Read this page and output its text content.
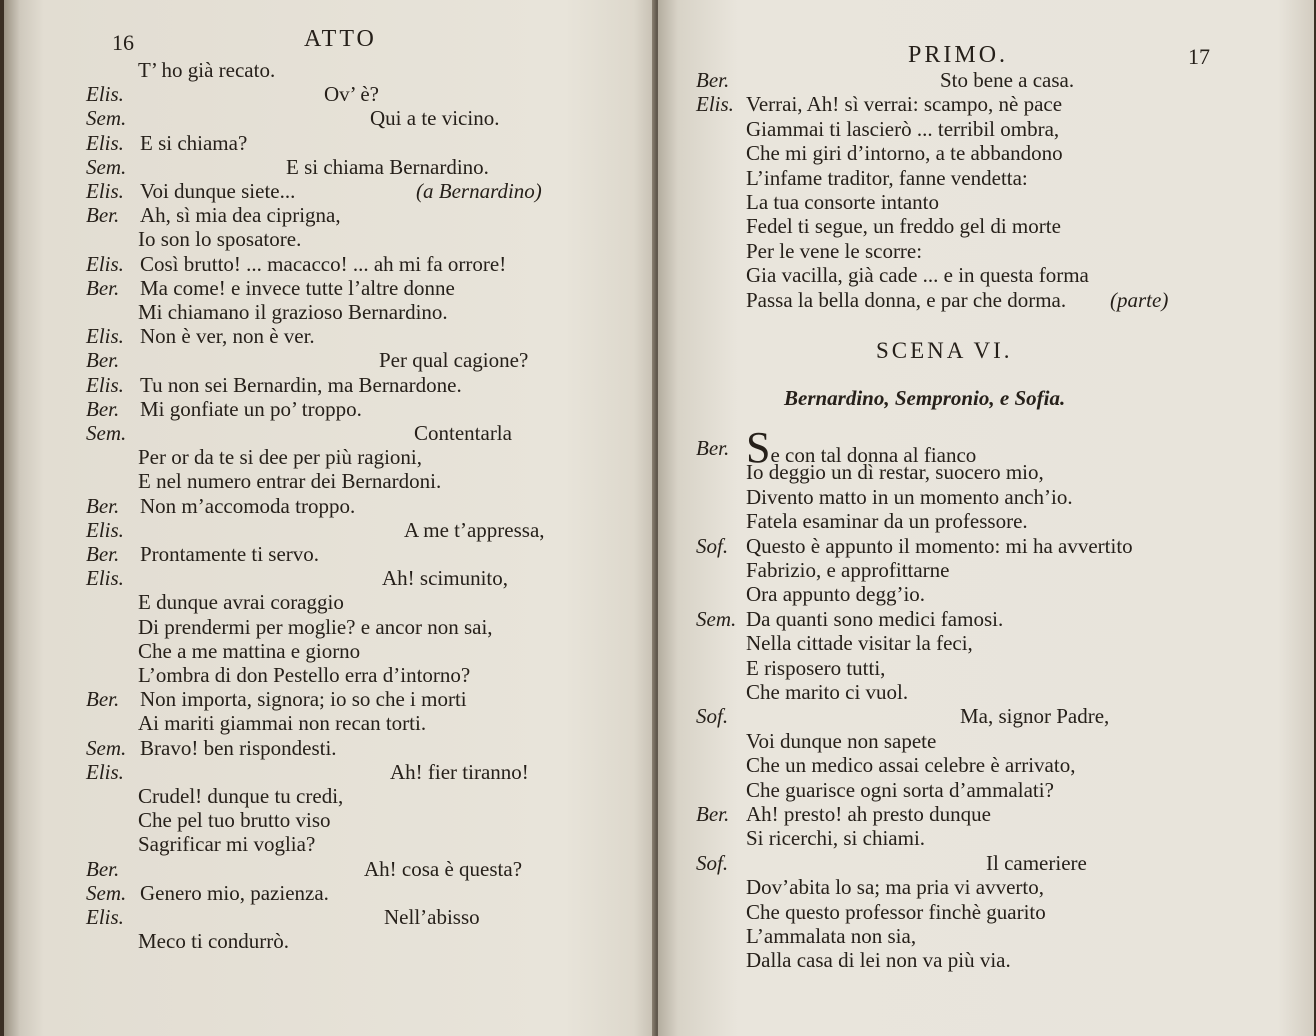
16	ATTO
T’ ho già recato.
Elis.	Ov’ è?
Sem.	Qui a te vicino.
Elis. E si chiama?
Sem.	E si chiama Bernardino.
Elis. Voi dunque siete...	(a Bernardino)
Ber. Ah, sì mia dea ciprigna,
Io son lo sposatore.
Elis. Così brutto! ... macacco! ... ah mi fa orrore!
Ber. Ma come! e invece tutte l’altre donne
Mi chiamano il grazioso Bernardino.
Elis. Non è ver, non è ver.
Ber.	Per qual cagione?
Elis. Tu non sei Bernardin, ma Bernardone.
Ber. Mi gonfiate un po’ troppo.
Sem.	Contentarla
Per or da te si dee per più ragioni,
E nel numero entrar dei Bernardoni.
Ber. Non m’accomoda troppo.
Elis.	A me t’appressa,
Ber. Prontamente ti servo.
Elis.	Ah! scimunito,
E dunque avrai coraggio
Di prendermi per moglie? e ancor non sai,
Che a me mattina e giorno
L’ombra di don Pestello erra d’intorno?
Ber. Non importa, signora; io so che i morti
Ai mariti giammai non recan torti.
Sem. Bravo! ben rispondesti.
Elis.	Ah! fier tiranno!
Crudel! dunque tu credi,
Che pel tuo brutto viso
Sagrificar mi voglia?
Ber.	Ah! cosa è questa?
Sem. Genero mio, pazienza.
Elis.	Nell’abisso
Meco ti condurrò.
PRIMO.	17
Ber.	Sto bene a casa.
Elis. Verrai, Ah! sì verrai: scampo, nè pace
Giammai ti lascierò ... terribil ombra,
Che mi giri d’intorno, a te abbandono
L’infame traditor, fanne vendetta:
La tua consorte intanto
Fedel ti segue, un freddo gel di morte
Per le vene le scorre:
Gia vacilla, già cade ... e in questa forma
Passa la bella donna, e par che dorma. (parte)
SCENA VI.
Bernardino, Sempronio, e Sofia.
Ber. Se con tal donna al fianco
Io deggio un dì restar, suocero mio,
Divento matto in un momento anch’io.
Fatela esaminar da un professore.
Sof. Questo è appunto il momento: mi ha avvertito
Fabrizio, e approfittarne
Ora appunto degg’io.
Sem. Da quanti sono medici famosi.
Nella cittade visitar la feci,
E risposero tutti,
Che marito ci vuol.
Sof.	Ma, signor Padre,
Voi dunque non sapete
Che un medico assai celebre è arrivato,
Che guarisce ogni sorta d’ammalati?
Ber. Ah! presto! ah presto dunque
Si ricerchi, si chiami.
Sof.	Il cameriere
Dov’abita lo sa; ma pria vi avverto,
Che questo professor finchè guarito
L’ammalata non sia,
Dalla casa di lei non va più via.
